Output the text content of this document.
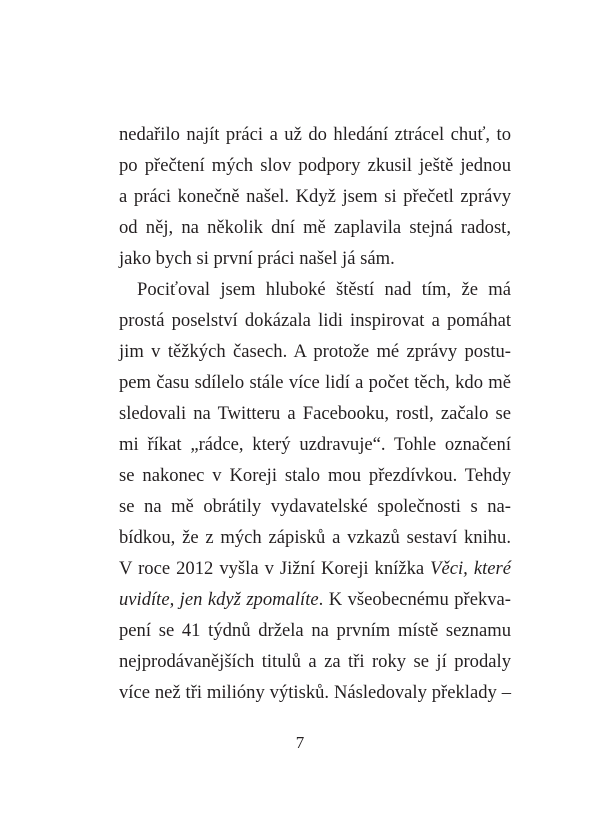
nedařilo najít práci a už do hledání ztrácel chuť, to

po přečtení mých slov podpory zkusil ještě jednou

a práci konečně našel. Když jsem si přečetl zprávy

od něj, na několik dní mě zaplavila stejná radost,

jako bych si první práci našel já sám.

Pociťoval jsem hluboké štěstí nad tím, že má

prostá poselství dokázala lidi inspirovat a pomáhat

jim v těžkých časech. A protože mé zprávy postu-

pem času sdílelo stále více lidí a počet těch, kdo mě

sledovali na Twitteru a Facebooku, rostl, začalo se

mi říkat „rádce, který uzdravuje“. Tohle označení

se nakonec v Koreji stalo mou přezdívkou. Tehdy

se na mě obrátily vydavatelské společnosti s na-

bídkou, že z mých zápisků a vzkazů sestaví knihu.

V roce 2012 vyšla v Jižní Koreji knížka Věci, které

uvidíte, jen když zpomalíte. K všeobecnému překva-

pení se 41 týdnů držela na prvním místě seznamu

nejprodávanějších titulů a za tři roky se jí prodaly

více než tři milióny výtisků. Následovaly překlady –

7
